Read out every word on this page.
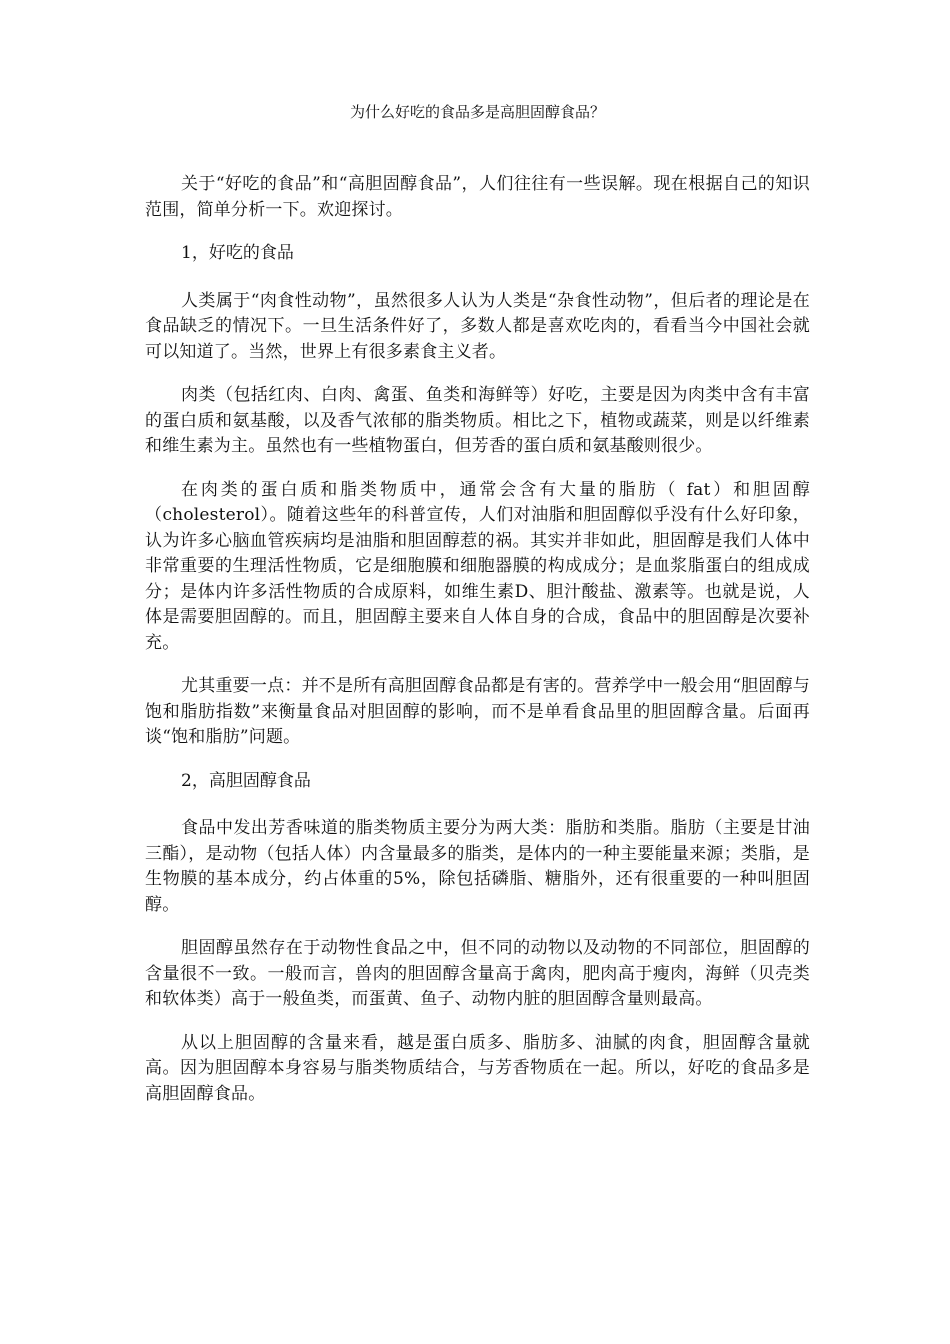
为什么好吃的食品多是高胆固醇食品？

关于“好吃的食品”和“高胆固醇食品”，人们往往有一些误解。现在根据自己的知识范围，简单分析一下。欢迎探讨。

1，好吃的食品

人类属于“肉食性动物”，虽然很多人认为人类是“杂食性动物”，但后者的理论是在食品缺乏的情况下。一旦生活条件好了，多数人都是喜欢吃肉的，看看当今中国社会就可以知道了。当然，世界上有很多素食主义者。

肉类（包括红肉、白肉、禽蛋、鱼类和海鲜等）好吃，主要是因为肉类中含有丰富的蛋白质和氨基酸，以及香气浓郁的脂类物质。相比之下，植物或蔬菜，则是以纤维素和维生素为主。虽然也有一些植物蛋白，但芳香的蛋白质和氨基酸则很少。

在肉类的蛋白质和脂类物质中，通常会含有大量的脂肪（ fat）和胆固醇（cholesterol）。随着这些年的科普宣传，人们对油脂和胆固醇似乎没有什么好印象，认为许多心脑血管疾病均是油脂和胆固醇惹的祸。其实并非如此，胆固醇是我们人体中非常重要的生理活性物质，它是细胞膜和细胞器膜的构成成分；是血浆脂蛋白的组成成分；是体内许多活性物质的合成原料，如维生素D、胆汁酸盐、激素等。也就是说，人体是需要胆固醇的。而且，胆固醇主要来自人体自身的合成，食品中的胆固醇是次要补充。

尤其重要一点：并不是所有高胆固醇食品都是有害的。营养学中一般会用“胆固醇与饱和脂肪指数”来衡量食品对胆固醇的影响，而不是单看食品里的胆固醇含量。后面再谈“饱和脂肪”问题。

2，高胆固醇食品

食品中发出芳香味道的脂类物质主要分为两大类：脂肪和类脂。脂肪（主要是甘油三酯），是动物（包括人体）内含量最多的脂类，是体内的一种主要能量来源；类脂，是生物膜的基本成分，约占体重的5%，除包括磷脂、糖脂外，还有很重要的一种叫胆固醇。

胆固醇虽然存在于动物性食品之中，但不同的动物以及动物的不同部位，胆固醇的含量很不一致。一般而言，兽肉的胆固醇含量高于禽肉，肥肉高于瘦肉，海鲜（贝壳类和软体类）高于一般鱼类，而蛋黄、鱼子、动物内脏的胆固醇含量则最高。

从以上胆固醇的含量来看，越是蛋白质多、脂肪多、油腻的肉食，胆固醇含量就高。因为胆固醇本身容易与脂类物质结合，与芳香物质在一起。所以，好吃的食品多是高胆固醇食品。
